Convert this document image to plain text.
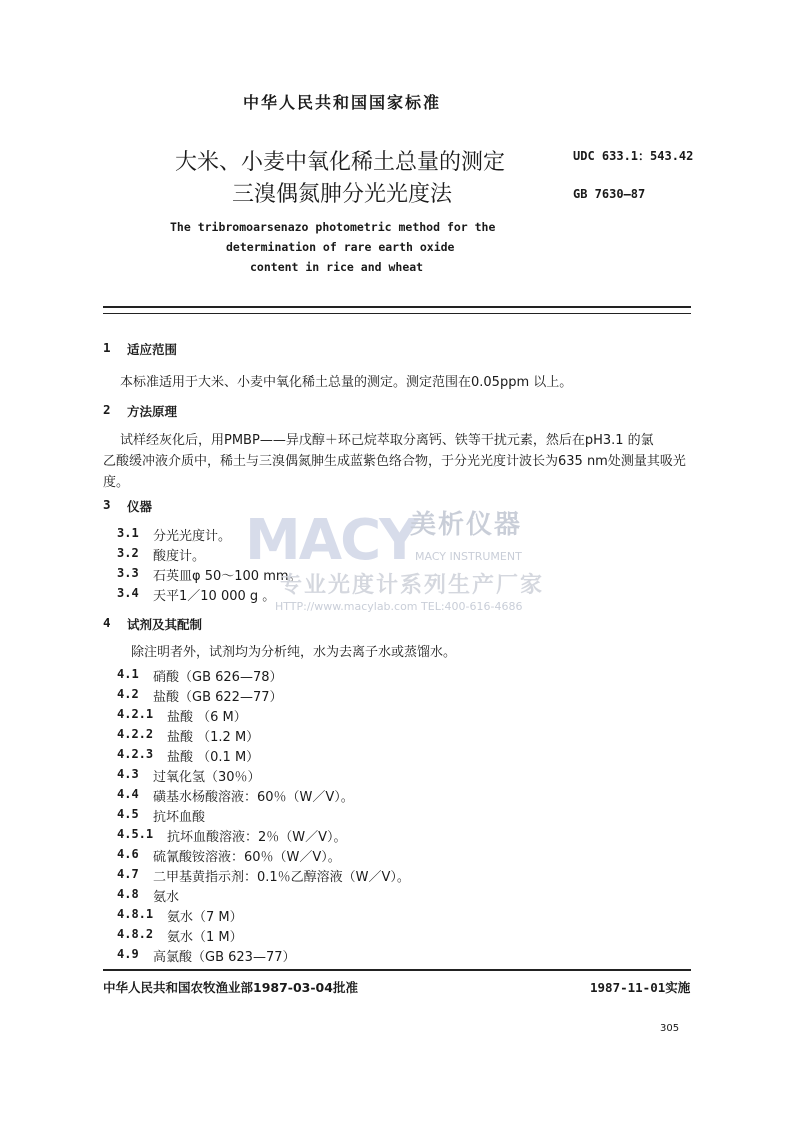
中华人民共和国国家标准
大米、小麦中氧化稀土总量的测定
三溴偶氮胂分光光度法
UDC 633.1：543.42
GB 7630—87
The tribromoarsenazo photometric method for the
determination of rare earth oxide
content in rice and wheat
1 适应范围
本标准适用于大米、小麦中氧化稀土总量的测定。测定范围在0.05ppm 以上。
2 方法原理
试样经灰化后，用PMBP——异戊醇＋环己烷萃取分离钙、铁等干扰元素，然后在pH3.1 的氯
乙酸缓冲液介质中，稀土与三溴偶氮胂生成蓝紫色络合物，于分光光度计波长为635 nm处测量其吸光
度。
3 仪器
3.1 分光光度计。
3.2 酸度计。
3.3 石英皿φ 50～100 mm。
3.4 天平1／10 000 g 。
MACY
美析仪器
MACY INSTRUMENT
专业光度计系列生产厂家
HTTP://www.macylab.com TEL:400-616-4686
4 试剂及其配制
除注明者外，试剂均为分析纯，水为去离子水或蒸馏水。
4.1 硝酸（GB 626—78）
4.2 盐酸（GB 622—77）
4.2.1 盐酸 （6 M）
4.2.2 盐酸 （1.2 M）
4.2.3 盐酸 （0.1 M）
4.3 过氧化氢（30％）
4.4 磺基水杨酸溶液：60％（W／V）。
4.5 抗坏血酸
4.5.1 抗坏血酸溶液：2％（W／V）。
4.6 硫氰酸铵溶液：60％（W／V）。
4.7 二甲基黄指示剂：0.1％乙醇溶液（W／V）。
4.8 氨水
4.8.1 氨水（7 M）
4.8.2 氨水（1 M）
4.9 高氯酸（GB 623—77）
中华人民共和国农牧渔业部1987-03-04批准	1987-11-01实施
305
